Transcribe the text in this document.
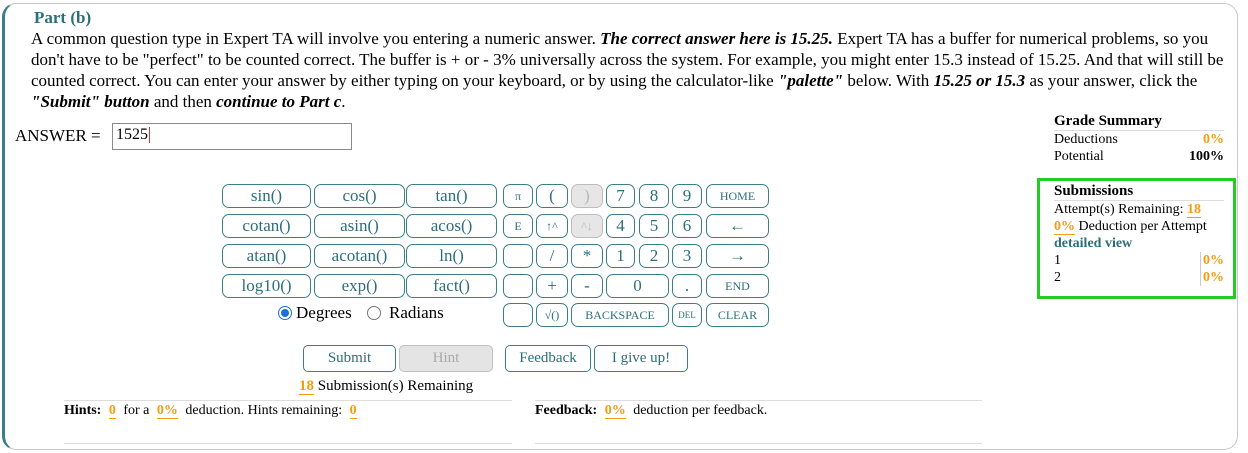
Part (b)
A common question type in Expert TA will involve you entering a numeric answer. The correct answer here is 15.25. Expert TA has a buffer for numerical problems, so you don't have to be "perfect" to be counted correct. The buffer is + or - 3% universally across the system. For example, you might enter 15.3 instead of 15.25. And that will still be counted correct. You can enter your answer by either typing on your keyboard, or by using the calculator-like "palette" below. With 15.25 or 15.3 as your answer, click the "Submit" button and then continue to Part c.
ANSWER = 1525
sin()	cos()	tan()
cotan()	asin()	acos()
atan()	acotan()	ln()
log10()	exp()	fact()
π	(	)	7	8	9	HOME
E	↑^	^↓	4	5	6	←
/	*	1	2	3	→
+	-	0	.	END
√()	BACKSPACE	DEL	CLEAR
Degrees Radians
Submit	Hint	Feedback	I give up!
18 Submission(s) Remaining
Hints: 0 for a 0% deduction. Hints remaining: 0	Feedback: 0% deduction per feedback.
Grade Summary
Deductions	0%
Potential	100%
Submissions
Attempt(s) Remaining: 18
0% Deduction per Attempt
detailed view
1	0%
2	0%
